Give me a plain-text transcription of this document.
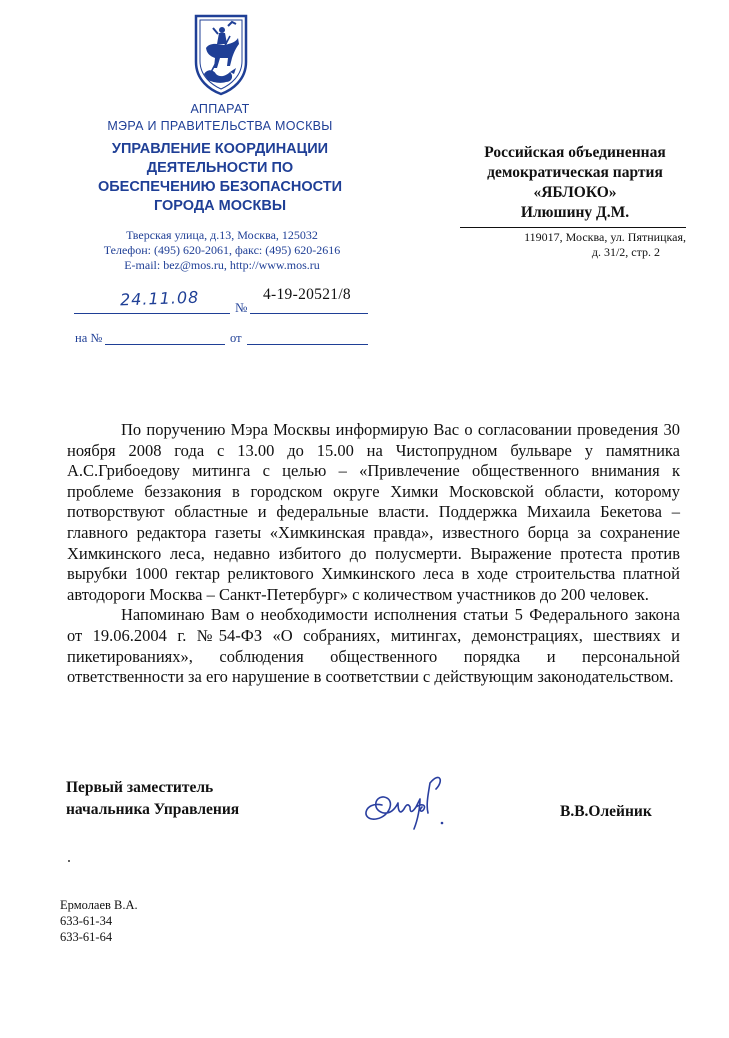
АППАРАТ
МЭРА И ПРАВИТЕЛЬСТВА МОСКВЫ
УПРАВЛЕНИЕ КООРДИНАЦИИ
ДЕЯТЕЛЬНОСТИ ПО
ОБЕСПЕЧЕНИЮ БЕЗОПАСНОСТИ
ГОРОДА МОСКВЫ
Тверская улица, д.13, Москва, 125032
Телефон: (495) 620-2061, факс: (495) 620-2616
E-mail: bez@mos.ru, http://www.mos.ru
24.11.08	№
4-19-20521/8
на №	от
Российская объединенная
демократическая партия
«ЯБЛОКО»
Илюшину Д.М.
119017, Москва, ул. Пятницкая,
д. 31/2, стр. 2

По поручению Мэра Москвы информирую Вас о согласовании проведения 30 ноября 2008 года с 13.00 до 15.00 на Чистопрудном бульваре у памятника А.С.Грибоедову митинга с целью – «Привлечение общественного внимания к проблеме беззакония в городском округе Химки Московской области, которому потворствуют областные и федеральные власти. Поддержка Михаила Бекетова – главного редактора газеты «Химкинская правда», известного борца за сохранение Химкинского леса, недавно избитого до полусмерти. Выражение протеста против вырубки 1000 гектар реликтового Химкинского леса в ходе строительства платной автодороги Москва – Санкт-Петербург» с количеством участников до 200 человек.

Напоминаю Вам о необходимости исполнения статьи 5 Федерального закона от 19.06.2004 г. №54-ФЗ «О собраниях, митингах, демонстрациях, шествиях и пикетированиях», соблюдения общественного порядка и персональной ответственности за его нарушение в соответствии с действующим законодательством.

Первый заместитель
начальника Управления	В.В.Олейник
Ермолаев В.А.
633-61-34
633-61-64
